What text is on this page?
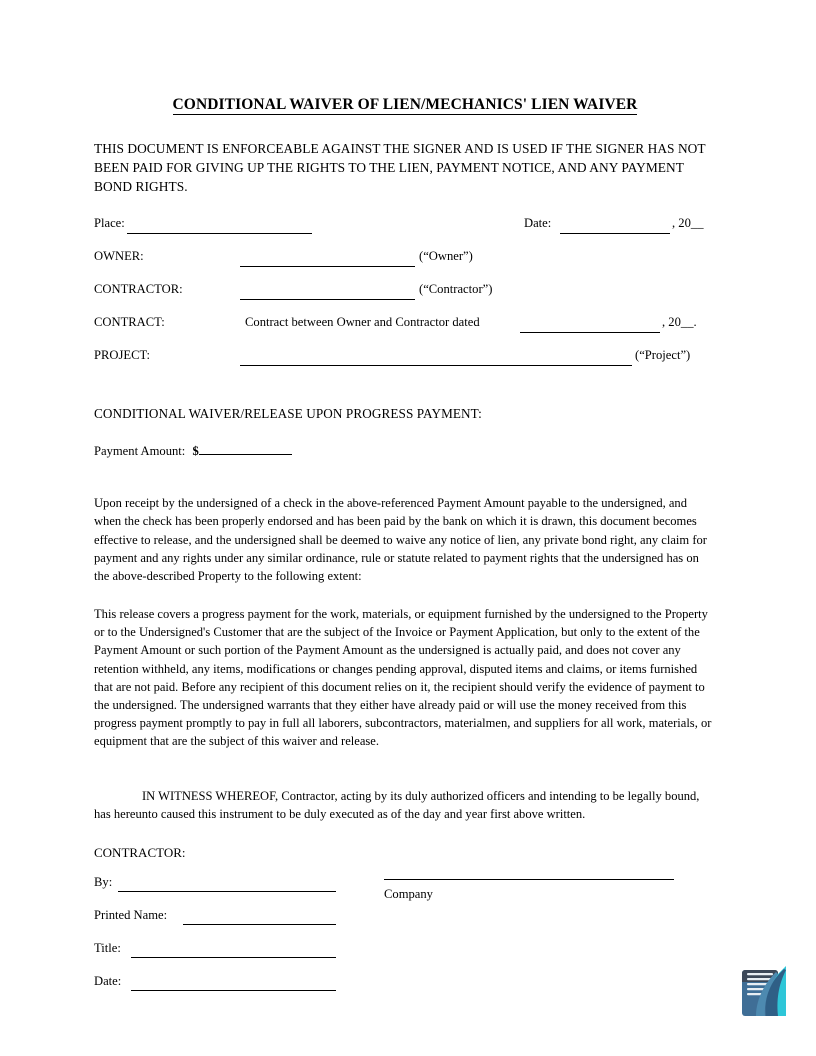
CONDITIONAL WAIVER OF LIEN/MECHANICS' LIEN WAIVER

THIS DOCUMENT IS ENFORCEABLE AGAINST THE SIGNER AND IS USED IF THE SIGNER HAS NOT BEEN PAID FOR GIVING UP THE RIGHTS TO THE LIEN, PAYMENT NOTICE, AND ANY PAYMENT BOND RIGHTS.

Place:	Date:	, 20__
OWNER:	(“Owner”)
CONTRACTOR:	(“Contractor”)
CONTRACT:	Contract between Owner and Contractor dated	, 20__.
PROJECT:	(“Project”)

CONDITIONAL WAIVER/RELEASE UPON PROGRESS PAYMENT:

Payment Amount: $

Upon receipt by the undersigned of a check in the above-referenced Payment Amount payable to the undersigned, and when the check has been properly endorsed and has been paid by the bank on which it is drawn, this document becomes effective to release, and the undersigned shall be deemed to waive any notice of lien, any private bond right, any claim for payment and any rights under any similar ordinance, rule or statute related to payment rights that the undersigned has on the above-described Property to the following extent:

This release covers a progress payment for the work, materials, or equipment furnished by the undersigned to the Property or to the Undersigned's Customer that are the subject of the Invoice or Payment Application, but only to the extent of the Payment Amount or such portion of the Payment Amount as the undersigned is actually paid, and does not cover any retention withheld, any items, modifications or changes pending approval, disputed items and claims, or items furnished that are not paid. Before any recipient of this document relies on it, the recipient should verify the evidence of payment to the undersigned. The undersigned warrants that they either have already paid or will use the money received from this progress payment promptly to pay in full all laborers, subcontractors, materialmen, and suppliers for all work, materials, or equipment that are the subject of this waiver and release.

IN WITNESS WHEREOF, Contractor, acting by its duly authorized officers and intending to be legally bound, has hereunto caused this instrument to be duly executed as of the day and year first above written.

CONTRACTOR:

By:
Printed Name:
Title:
Date:
Company
